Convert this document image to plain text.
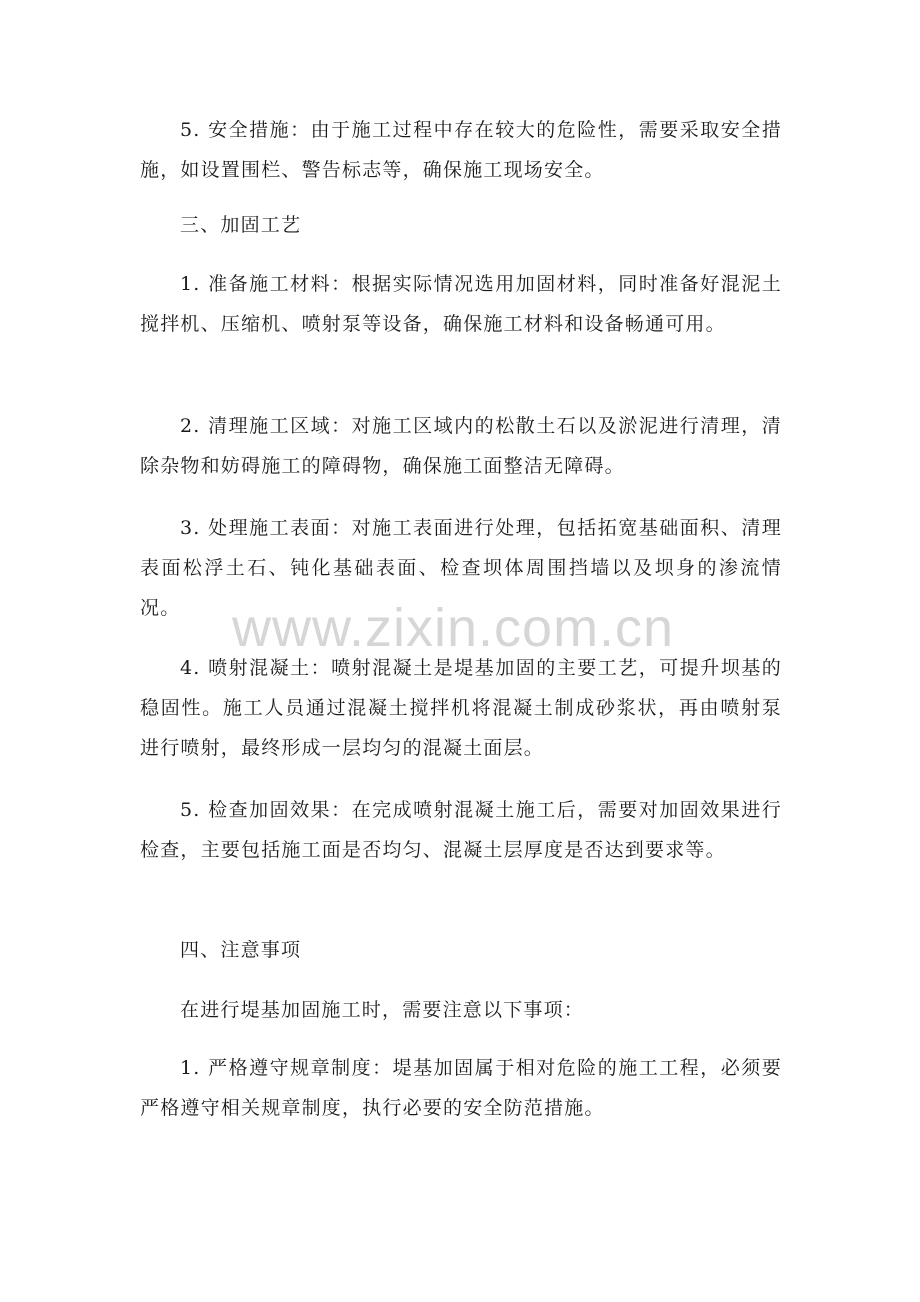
5. 安全措施：由于施工过程中存在较大的危险性，需要采取安全措施，如设置围栏、警告标志等，确保施工现场安全。

三、加固工艺

1. 准备施工材料：根据实际情况选用加固材料，同时准备好混泥土搅拌机、压缩机、喷射泵等设备，确保施工材料和设备畅通可用。

2. 清理施工区域：对施工区域内的松散土石以及淤泥进行清理，清除杂物和妨碍施工的障碍物，确保施工面整洁无障碍。

3. 处理施工表面：对施工表面进行处理，包括拓宽基础面积、清理表面松浮土石、钝化基础表面、检查坝体周围挡墙以及坝身的渗流情况。

4. 喷射混凝土：喷射混凝土是堤基加固的主要工艺，可提升坝基的稳固性。施工人员通过混凝土搅拌机将混凝土制成砂浆状，再由喷射泵进行喷射，最终形成一层均匀的混凝土面层。

5. 检查加固效果：在完成喷射混凝土施工后，需要对加固效果进行检查，主要包括施工面是否均匀、混凝土层厚度是否达到要求等。

四、注意事项

在进行堤基加固施工时，需要注意以下事项：

1. 严格遵守规章制度：堤基加固属于相对危险的施工工程，必须要严格遵守相关规章制度，执行必要的安全防范措施。

www.zixin.com.cn
